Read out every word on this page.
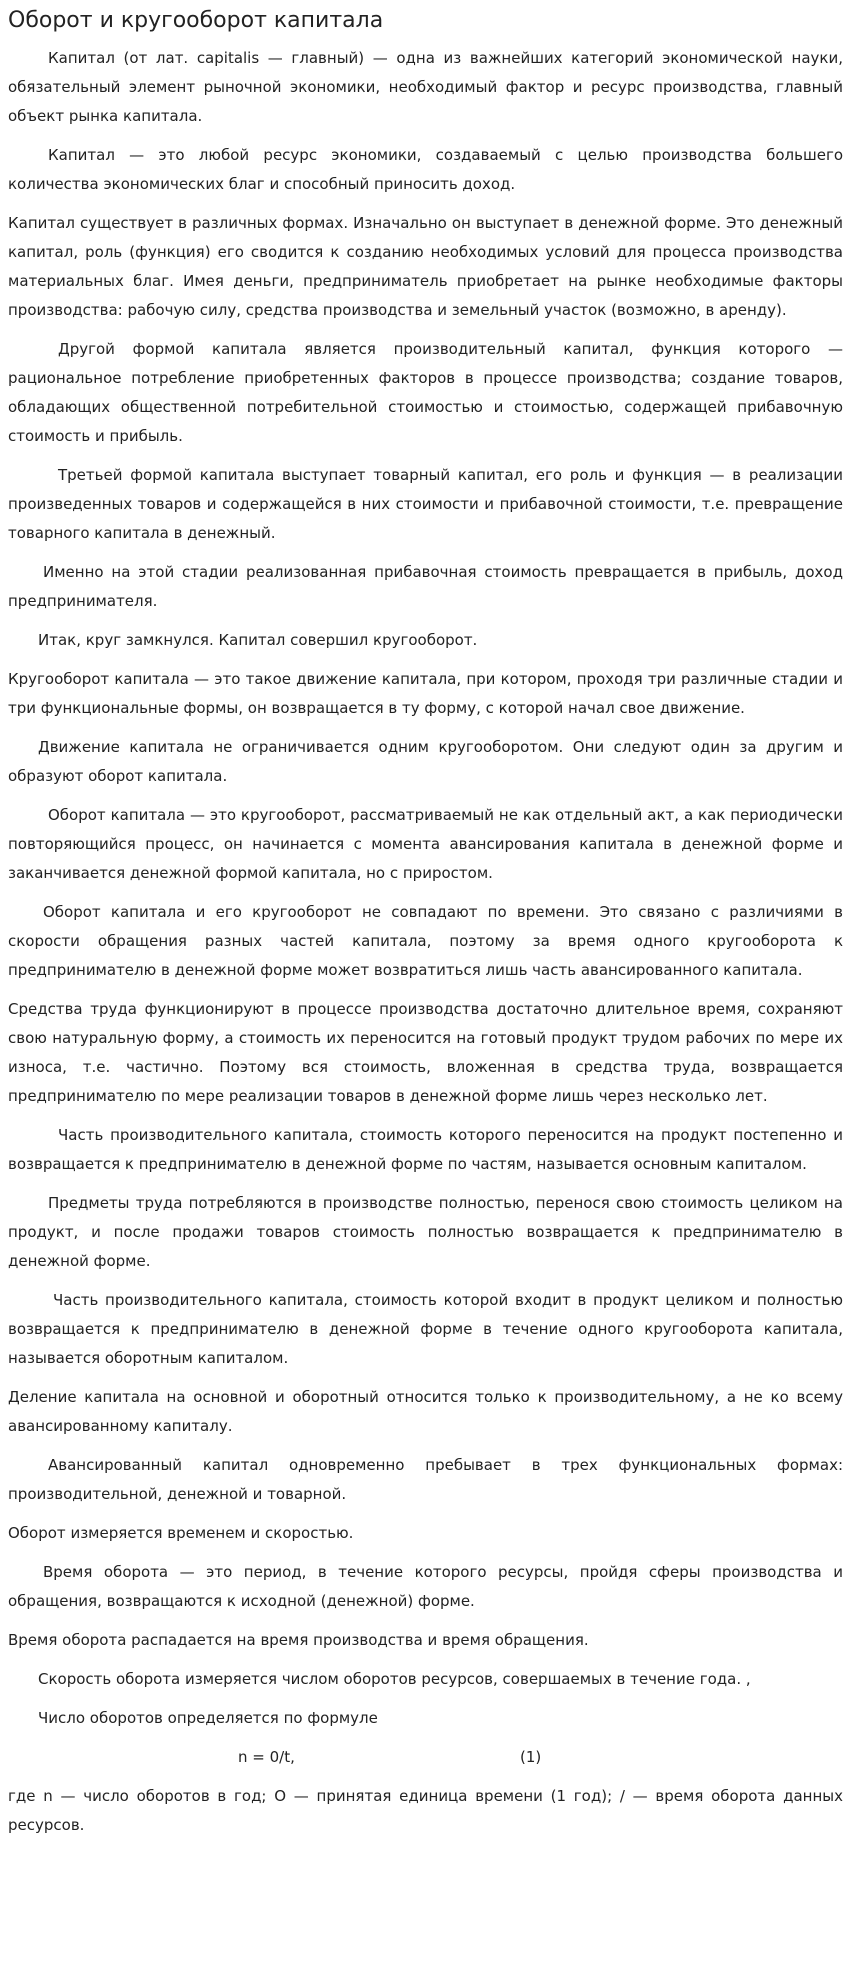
Оборот и кругооборот капитала

Капитал (от лат. capitalis — главный) — одна из важнейших категорий экономической науки, обязательный элемент рыночной экономики, необходимый фактор и ресурс производства, главный объект рынка капитала.

Капитал — это любой ресурс экономики, создаваемый с целью производства большего количества экономических благ и способный приносить доход.

Капитал существует в различных формах. Изначально он выступает в денежной форме. Это денежный капитал, роль (функция) его сводится к созданию необходимых условий для процесса производства материальных благ. Имея деньги, предприниматель приобретает на рынке необходимые факторы производства: рабочую силу, средства производства и земельный участок (возможно, в аренду).

Другой формой капитала является производительный капитал, функция которого — рациональное потребление приобретенных факторов в процессе производства; создание товаров, обладающих общественной потребительной стоимостью и стоимостью, содержащей прибавочную стоимость и прибыль.

Третьей формой капитала выступает товарный капитал, его роль и функция — в реализации произведенных товаров и содержащейся в них стоимости и прибавочной стоимости, т.е. превращение товарного капитала в денежный.

Именно на этой стадии реализованная прибавочная стоимость превращается в прибыль, доход предпринимателя.

Итак, круг замкнулся. Капитал совершил кругооборот.

Кругооборот капитала — это такое движение капитала, при котором, проходя три различные стадии и три функциональные формы, он возвращается в ту форму, с которой начал свое движение.

Движение капитала не ограничивается одним кругооборотом. Они следуют один за другим и образуют оборот капитала.

Оборот капитала — это кругооборот, рассматриваемый не как отдельный акт, а как периодически повторяющийся процесс, он начинается с момента авансирования капитала в денежной форме и заканчивается денежной формой капитала, но с приростом.

Оборот капитала и его кругооборот не совпадают по времени. Это связано с различиями в скорости обращения разных частей капитала, поэтому за время одного кругооборота к предпринимателю в денежной форме может возвратиться лишь часть авансированного капитала.

Средства труда функционируют в процессе производства достаточно длительное время, сохраняют свою натуральную форму, а стоимость их переносится на готовый продукт трудом рабочих по мере их износа, т.е. частично. Поэтому вся стоимость, вложенная в средства труда, возвращается предпринимателю по мере реализации товаров в денежной форме лишь через несколько лет.

Часть производительного капитала, стоимость которого переносится на продукт постепенно и возвращается к предпринимателю в денежной форме по частям, называется основным капиталом.

Предметы труда потребляются в производстве полностью, перенося свою стоимость целиком на продукт, и после продажи товаров стоимость полностью возвращается к предпринимателю в денежной форме.

Часть производительного капитала, стоимость которой входит в продукт целиком и полностью возвращается к предпринимателю в денежной форме в течение одного кругооборота капитала, называется оборотным капиталом.

Деление капитала на основной и оборотный относится только к производительному, а не ко всему авансированному капиталу.

Авансированный капитал одновременно пребывает в трех функциональных формах: производительной, денежной и товарной.

Оборот измеряется временем и скоростью.

Время оборота — это период, в течение которого ресурсы, пройдя сферы производства и обращения, возвращаются к исходной (денежной) форме.

Время оборота распадается на время производства и время обращения.

Скорость оборота измеряется числом оборотов ресурсов, совершаемых в течение года. ,

Число оборотов определяется по формуле

n = 0/t,	(1)

где n — число оборотов в год; О — принятая единица времени (1 год); / — время оборота данных ресурсов.
